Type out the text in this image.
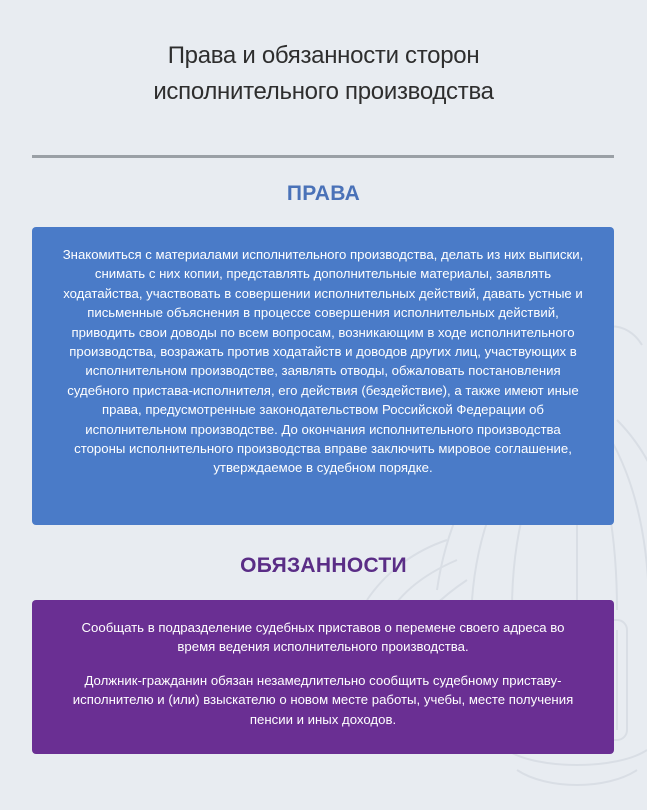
Права и обязанности сторон
исполнительного производства
ПРАВА

Знакомиться с материалами исполнительного производства, делать из них выписки, снимать с них копии, представлять дополнительные материалы, заявлять ходатайства, участвовать в совершении исполнительных действий, давать устные и письменные объяснения в процессе совершения исполнительных действий, приводить свои доводы по всем вопросам, возникающим в ходе исполнительного производства, возражать против ходатайств и доводов других лиц, участвующих в исполнительном производстве, заявлять отводы, обжаловать постановления судебного пристава-исполнителя, его действия (бездействие), а также имеют иные права, предусмотренные законодательством Российской Федерации об исполнительном производстве. До окончания исполнительного производства стороны исполнительного производства вправе заключить мировое соглашение, утверждаемое в судебном порядке.

ОБЯЗАННОСТИ

Сообщать в подразделение судебных приставов о перемене своего адреса во время ведения исполнительного производства.

Должник-гражданин обязан незамедлительно сообщить судебному приставу-исполнителю и (или) взыскателю о новом месте работы, учебы, месте получения пенсии и иных доходов.
